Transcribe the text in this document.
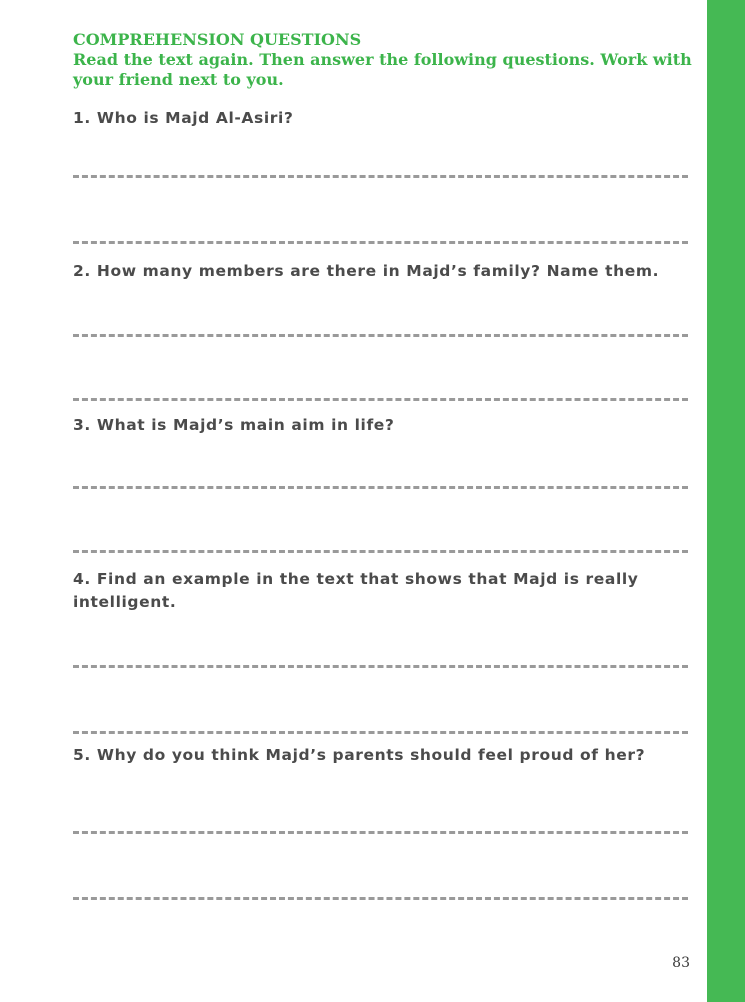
COMPREHENSION QUESTIONS
Read the text again. Then answer the following questions. Work with your friend next to you.
1. Who is Majd Al-Asiri?
2. How many members are there in Majd’s family? Name them.
3. What is Majd’s main aim in life?
4. Find an example in the text that shows that Majd is really intelligent.
5. Why do you think Majd’s parents should feel proud of her?
83
